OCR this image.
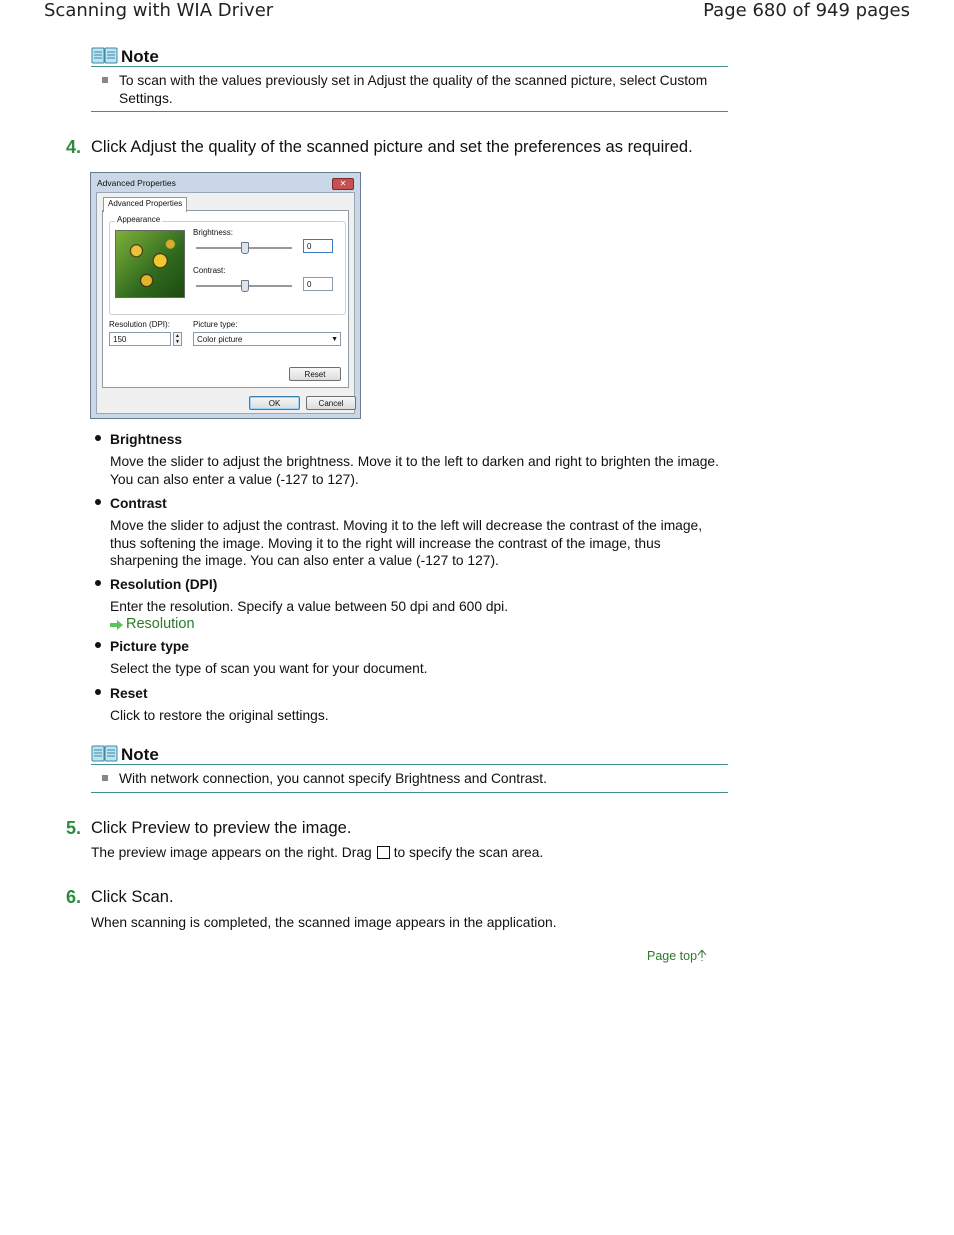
Scanning with WIA Driver	Page 680 of 949 pages
Note
To scan with the values previously set in Adjust the quality of the scanned picture, select Custom Settings.
4. Click Adjust the quality of the scanned picture and set the preferences as required.
Advanced Properties	✕
Advanced Properties
Appearance
Brightness:
0
Contrast:
0
Resolution (DPI):
150	▲
▼
Picture type:
Color picture	▼
Reset
OK	Cancel
Brightness
Move the slider to adjust the brightness. Move it to the left to darken and right to brighten the image. You can also enter a value (-127 to 127).
Contrast
Move the slider to adjust the contrast. Moving it to the left will decrease the contrast of the image, thus softening the image. Moving it to the right will increase the contrast of the image, thus sharpening the image. You can also enter a value (-127 to 127).
Resolution (DPI)
Enter the resolution. Specify a value between 50 dpi and 600 dpi.
Resolution
Picture type
Select the type of scan you want for your document.
Reset
Click to restore the original settings.
Note
With network connection, you cannot specify Brightness and Contrast.
5. Click Preview to preview the image.
The preview image appears on the right. Drag to specify the scan area.
6. Click Scan.
When scanning is completed, the scanned image appears in the application.
Page top
